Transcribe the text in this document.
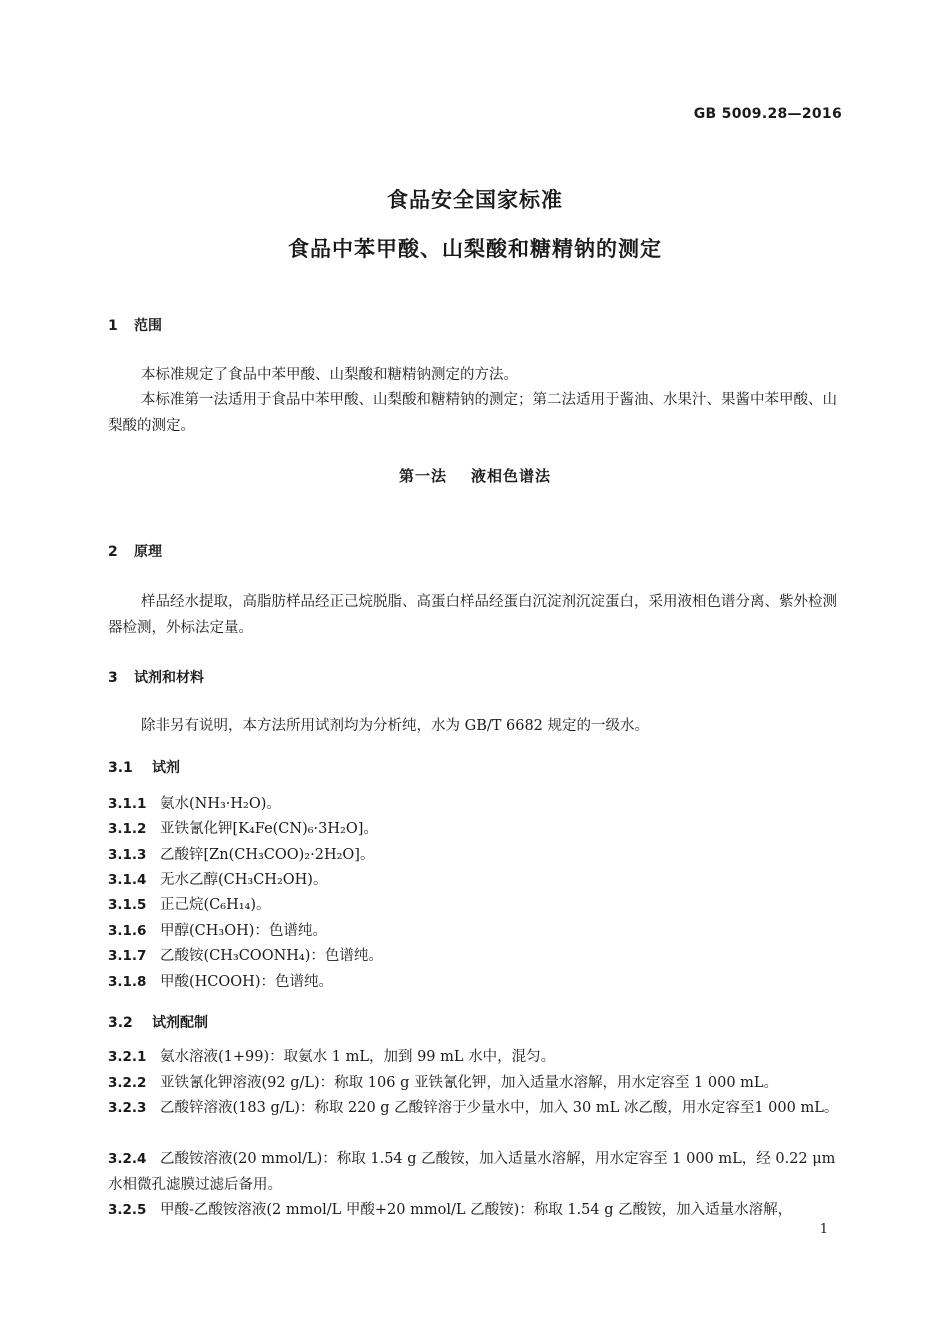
GB 5009.28—2016
食品安全国家标准
食品中苯甲酸、山梨酸和糖精钠的测定
1 范围
本标准规定了食品中苯甲酸、山梨酸和糖精钠测定的方法。
本标准第一法适用于食品中苯甲酸、山梨酸和糖精钠的测定；第二法适用于酱油、水果汁、果酱中苯甲酸、山梨酸的测定。
第一法 液相色谱法
2 原理
样品经水提取，高脂肪样品经正己烷脱脂、高蛋白样品经蛋白沉淀剂沉淀蛋白，采用液相色谱分离、紫外检测器检测，外标法定量。
3 试剂和材料
除非另有说明，本方法所用试剂均为分析纯，水为 GB/T 6682 规定的一级水。
3.1 试剂
3.1.1 氨水(NH₃·H₂O)。
3.1.2 亚铁氰化钾[K₄Fe(CN)₆·3H₂O]。
3.1.3 乙酸锌[Zn(CH₃COO)₂·2H₂O]。
3.1.4 无水乙醇(CH₃CH₂OH)。
3.1.5 正己烷(C₆H₁₄)。
3.1.6 甲醇(CH₃OH)：色谱纯。
3.1.7 乙酸铵(CH₃COONH₄)：色谱纯。
3.1.8 甲酸(HCOOH)：色谱纯。
3.2 试剂配制
3.2.1 氨水溶液(1+99)：取氨水 1 mL，加到 99 mL 水中，混匀。
3.2.2 亚铁氰化钾溶液(92 g/L)：称取 106 g 亚铁氰化钾，加入适量水溶解，用水定容至 1 000 mL。
3.2.3 乙酸锌溶液(183 g/L)：称取 220 g 乙酸锌溶于少量水中，加入 30 mL 冰乙酸，用水定容至1 000 mL。
3.2.4 乙酸铵溶液(20 mmol/L)：称取 1.54 g 乙酸铵，加入适量水溶解，用水定容至 1 000 mL，经 0.22 μm水相微孔滤膜过滤后备用。
3.2.5 甲酸-乙酸铵溶液(2 mmol/L 甲酸+20 mmol/L 乙酸铵)：称取 1.54 g 乙酸铵，加入适量水溶解，
1
